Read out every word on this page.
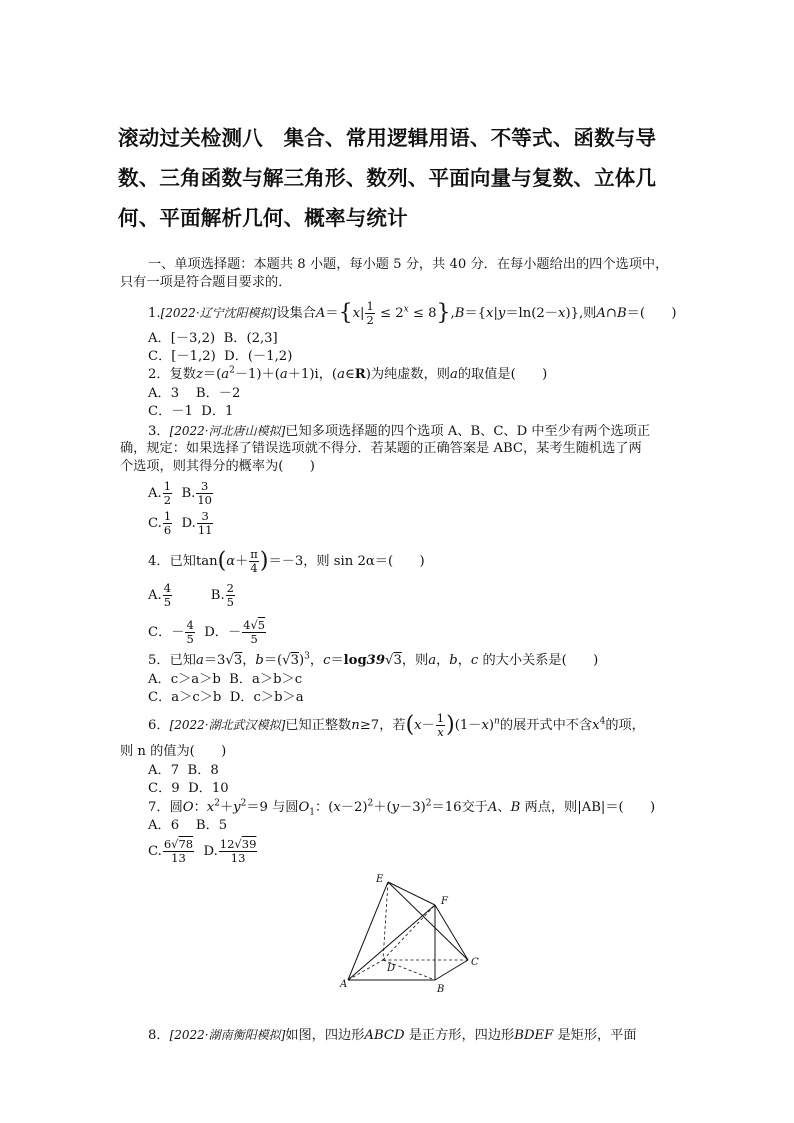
滚动过关检测八　集合、常用逻辑用语、不等式、函数与导
数、三角函数与解三角形、数列、平面向量与复数、立体几
何、平面解析几何、概率与统计
一、单项选择题：本题共 8 小题，每小题 5 分，共 40 分．在每小题给出的四个选项中，
只有一项是符合题目要求的．
1.[2022·辽宁沈阳模拟]设集合$A=\{x| \frac{1}{2} \le 2^x \le 8\},B=\{x|y=\ln(2-x)\}$,则A∩B＝(　　)
A．[－3,2) B．(2,3]
C．[－1,2) D．(－1,2)
2．复数$z=(a^2-1)+(a+1)i$，(a∈R)为纯虚数，则a的取值是(　　)
A．3 B．－2
C．－1 D．1
3．[2022·河北唐山模拟]已知多项选择题的四个选项 A、B、C、D 中至少有两个选项正
确，规定：如果选择了错误选项就不得分．若某题的正确答案是 ABC，某考生随机选了两
个选项，则其得分的概率为(　　)
A. $\frac{1}{2} B$. $\frac{3}{10}$
C. $\frac{1}{6} D$. $\frac{3}{11}$
4．已知$\tan(\alpha+ \frac{\pi}{4} )=-3$，则 sin 2α＝(　　)
A. $\frac{4}{5}$	B. $\frac{2}{5}$
C．－ $\frac{4}{5}$ D．－ $\frac{4√5}{5}$
5．已知a＝3√3，$b=(√3)^3$，c＝log39√3，则a，b，c 的大小关系是(　　)
A．c＞a＞b B．a＞b＞c
C．a＞c＞b D．c＞b＞a
6．[2022·湖北武汉模拟]已知正整数n≥7，若$(x- \frac{1}{x} )(1-x)^n$的展开式中不含$x^4$的项，
则 n 的值为(　　)
A．7 B．8
C．9 D．10
7．圆O：$x^2+y^2=9$ 与圆$O_1$：$(x-2)^2+(y-3)^2=16$交于A、B 两点，则|AB|＝(　　)
A．6 B．5
C. $\frac{6√78}{13} D$. $\frac{12√39}{13}$
E
F
D
C
A	B
8．[2022·湖南衡阳模拟]如图，四边形ABCD 是正方形，四边形BDEF 是矩形，平面
